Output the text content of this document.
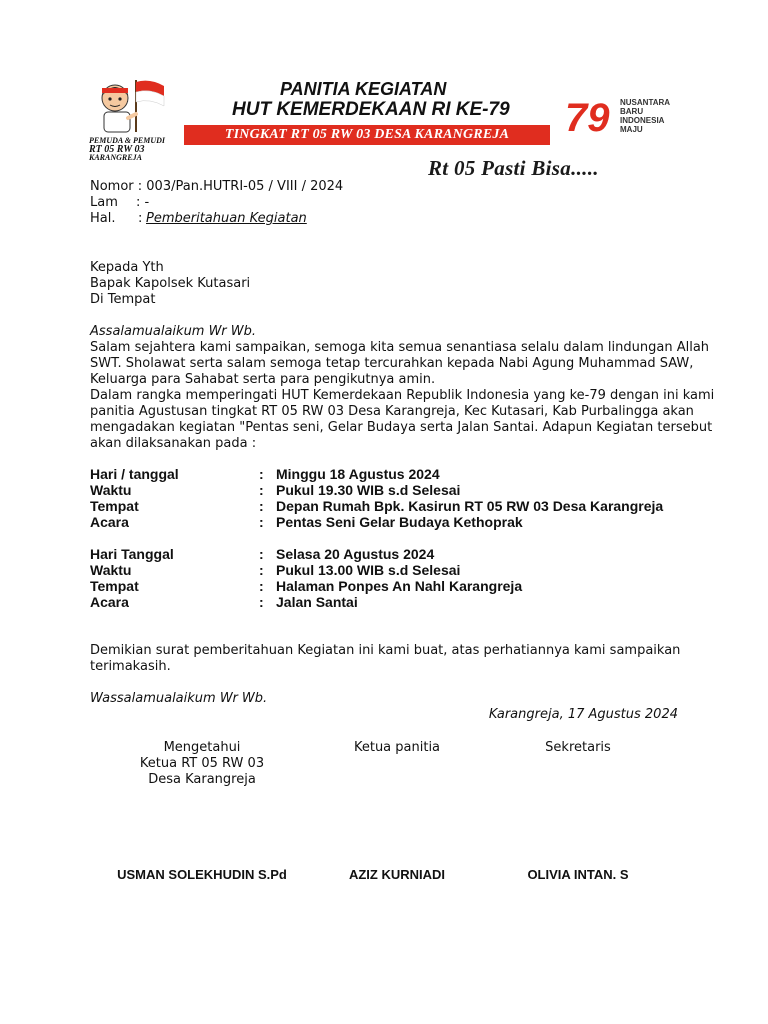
PEMUDA & PEMUDI
RT 05 RW 03
KARANGREJA
PANITIA KEGIATAN
HUT KEMERDEKAAN RI KE-79
TINGKAT RT 05 RW 03 DESA KARANGREJA 79 NUSANTARA
BARU
INDONESIA
MAJU
Rt 05 Pasti Bisa.....
Nomor : 003/Pan.HUTRI-05 / VIII / 2024
Lam : -
Hal. : Pemberitahuan Kegiatan
Kepada Yth
Bapak Kapolsek Kutasari
Di Tempat
Assalamualaikum Wr Wb.
Salam sejahtera kami sampaikan, semoga kita semua senantiasa selalu dalam lindungan Allah
SWT. Sholawat serta salam semoga tetap tercurahkan kepada Nabi Agung Muhammad SAW,
Keluarga para Sahabat serta para pengikutnya amin.
Dalam rangka memperingati HUT Kemerdekaan Republik Indonesia yang ke-79 dengan ini kami
panitia Agustusan tingkat RT 05 RW 03 Desa Karangreja, Kec Kutasari, Kab Purbalingga akan
mengadakan kegiatan "Pentas seni, Gelar Budaya serta Jalan Santai. Adapun Kegiatan tersebut
akan dilaksanakan pada :
Hari / tanggal	: Minggu 18 Agustus 2024
Waktu	: Pukul 19.30 WIB s.d Selesai
Tempat	: Depan Rumah Bpk. Kasirun RT 05 RW 03 Desa Karangreja
Acara	: Pentas Seni Gelar Budaya Kethoprak
Hari Tanggal	: Selasa 20 Agustus 2024
Waktu	: Pukul 13.00 WIB s.d Selesai
Tempat	: Halaman Ponpes An Nahl Karangreja
Acara	: Jalan Santai
Demikian surat pemberitahuan Kegiatan ini kami buat, atas perhatiannya kami sampaikan
terimakasih.
Wassalamualaikum Wr Wb.
Karangreja, 17 Agustus 2024
Mengetahui
Ketua RT 05 RW 03
Desa Karangreja
Ketua panitia	Sekretaris
USMAN SOLEKHUDIN S.Pd	AZIZ KURNIADI	OLIVIA INTAN. S
